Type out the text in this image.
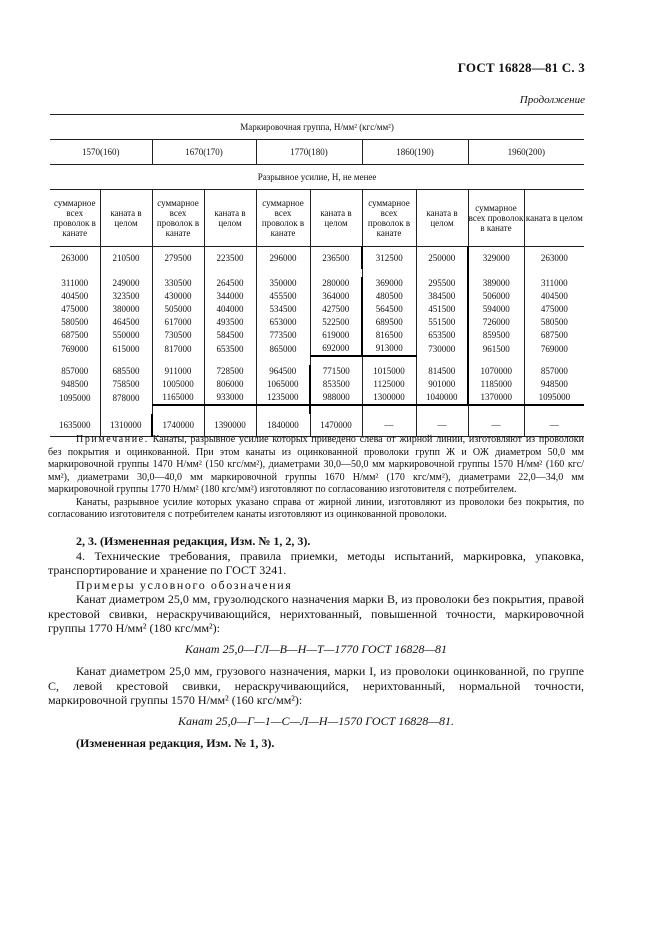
ГОСТ 16828—81 С. 3
Продолжение
Маркировочная группа, Н/мм² (кгс/мм²)									
1570(160)		1670(170)		1770(180)		1860(190)		1960(200)	
Разрывное усилие, Н, не менее									
суммарное всех проволок в канате	каната в целом	суммарное всех проволок в канате	каната в целом	суммарное всех проволок в канате	каната в целом	суммарное всех проволок в канате	каната в целом	суммарное всех проволок в канате	каната в целом
263000	210500	279500	223500	296000	236500	312500	250000	329000	263000

311000	249000	330500	264500	350000	280000	369000	295500	389000	311000
404500	323500	430000	344000	455500	364000	480500	384500	506000	404500
475000	380000	505000	404000	534500	427500	564500	451500	594000	475000
580500	464500	617000	493500	653000	522500	689500	551500	726000	580500
687500	550000	730500	584500	773500	619000	816500	653500	859500	687500
769000	615000	817000	653500	865000	692000	913000	730000	961500	769000

857000	685500	911000	728500	964500	771500	1015000	814500	1070000	857000
948500	758500	1005000	806000	1065000	853500	1125000	901000	1185000	948500
1095000	878000	1165000	933000	1235000	988000	1300000	1040000	1370000	1095000

1635000	1310000	1740000	1390000	1840000	1470000	—	—	—	—

Примечание. Канаты, разрывное усилие которых приведено слева от жирной линии, изготовляют из проволоки без покрытия и оцинкованной. При этом канаты из оцинкованной проволоки групп Ж и ОЖ диаметром 50,0 мм маркировочной группы 1470 Н/мм² (150 кгс/мм²), диаметрами 30,0—50,0 мм маркировочной группы 1570 Н/мм² (160 кгс/мм²), диаметрами 30,0—40,0 мм маркировочной группы 1670 Н/мм² (170 кгс/мм²), диаметрами 22,0—34,0 мм маркировочной группы 1770 Н/мм² (180 кгс/мм²) изготовляют по согласованию изготовителя с потребителем.

Канаты, разрывное усилие которых указано справа от жирной линии, изготовляют из проволоки без покрытия, по согласованию изготовителя с потребителем канаты изготовляют из оцинкованной проволоки.

2, 3. (Измененная редакция, Изм. № 1, 2, 3).

4. Технические требования, правила приемки, методы испытаний, маркировка, упаковка, транспортирование и хранение по ГОСТ 3241.

Примеры условного обозначения

Канат диаметром 25,0 мм, грузолюдского назначения марки В, из проволоки без покрытия, правой крестовой свивки, нераскручивающийся, нерихтованный, повышенной точности, маркировочной группы 1770 Н/мм² (180 кгс/мм²):

Канат 25,0—ГЛ—В—Н—Т—1770 ГОСТ 16828—81

Канат диаметром 25,0 мм, грузового назначения, марки I, из проволоки оцинкованной, по группе С, левой крестовой свивки, нераскручивающийся, нерихтованный, нормальной точности, маркировочной группы 1570 Н/мм² (160 кгс/мм²):

Канат 25,0—Г—1—С—Л—Н—1570 ГОСТ 16828—81.

(Измененная редакция, Изм. № 1, 3).
